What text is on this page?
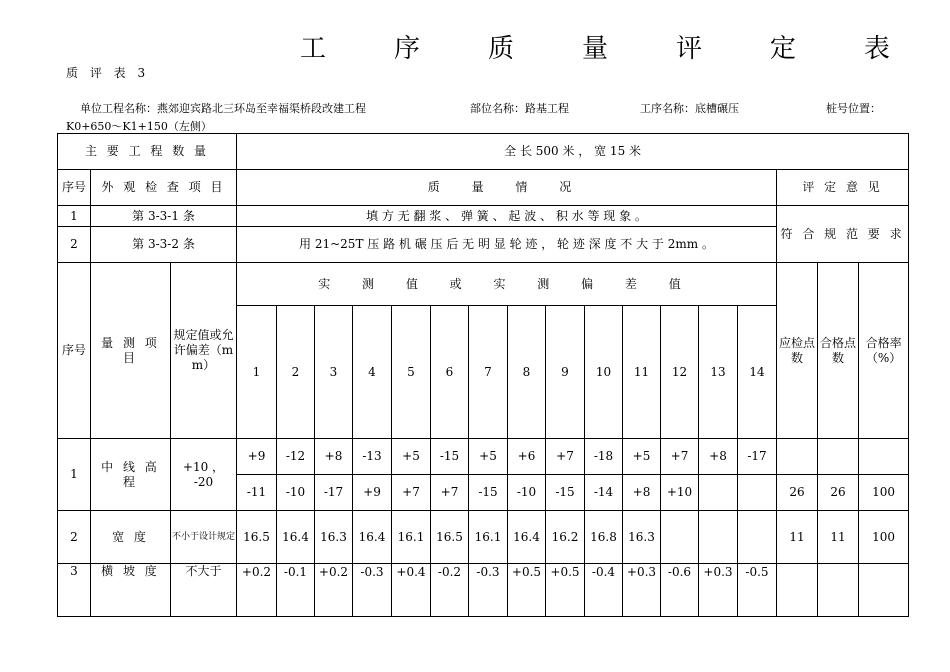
工	序	质	量	评	定	表
质 评 表 3
单位工程名称：燕郊迎宾路北三环岛至幸福渠桥段改建工程	部位名称：路基工程	工序名称：底槽碾压	桩号位置：
K0+650～K1+150（左侧）
主 要 工 程 数 量			全 长 500 米 ， 宽 15 米																
序号	外 观 检 查 项 目		质 量 情 况														评 定 意 见		
1	第 3-3-1 条		填 方 无 翻 浆 、 弹 簧 、 起 波 、 积 水 等 现 象 。														符 合 规 范 要 求		
2	第 3-3-2 条		用 21~25T 压 路 机 碾 压 后 无 明 显 轮 迹 ， 轮 迹 深 度 不 大 于 2mm 。																
序号	量 测 项 目	规定值或允许偏差（mm）	实 测 值 或 实 测 偏 差 值														应检点数	合格点数	合格率（%）
			1	2	3	4	5	6	7	8	9	10	11	12	13	14			
1	中 线 高 程	+10 ， -20	+9	-12	+8	-13	+5	-15	+5	+6	+7	-18	+5	+7	+8	-17			
			-11	-10	-17	+9	+7	+7	-15	-10	-15	-14	+8	+10			26	26	100
2	宽 度	不小于设计规定	16.5	16.4	16.3	16.4	16.1	16.5	16.1	16.4	16.2	16.8	16.3				11	11	100
3	横 坡 度	不大于	+0.2	-0.1	+0.2	-0.3	+0.4	-0.2	-0.3	+0.5	+0.5	-0.4	+0.3	-0.6	+0.3	-0.5			
